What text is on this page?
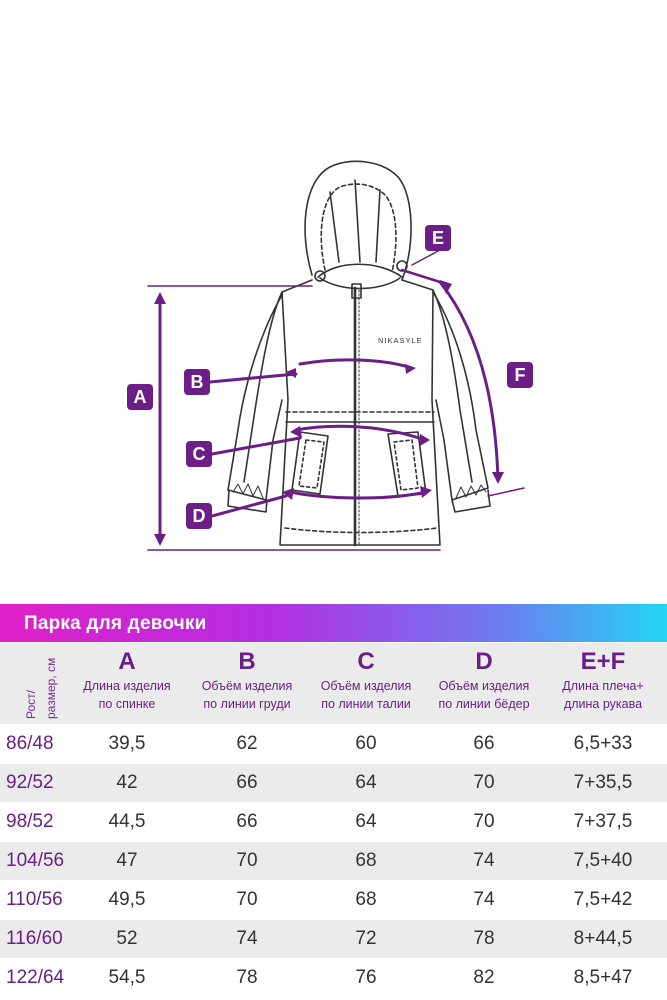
NIKASYLE
A
B
C
D
E
F
Парка для девочки
Рост/ размер, см	A
Длина изделия
по спинке
B
Объём изделия
по линии груди
C
Объём изделия
по линии талии
D
Объём изделия
по линии бёдер
E+F
Длина плеча+
длина рукава
86/48	39,5	62	60	66	6,5+33
92/52	42	66	64	70	7+35,5
98/52	44,5	66	64	70	7+37,5
104/56	47	70	68	74	7,5+40
110/56	49,5	70	68	74	7,5+42
116/60	52	74	72	78	8+44,5
122/64	54,5	78	76	82	8,5+47
